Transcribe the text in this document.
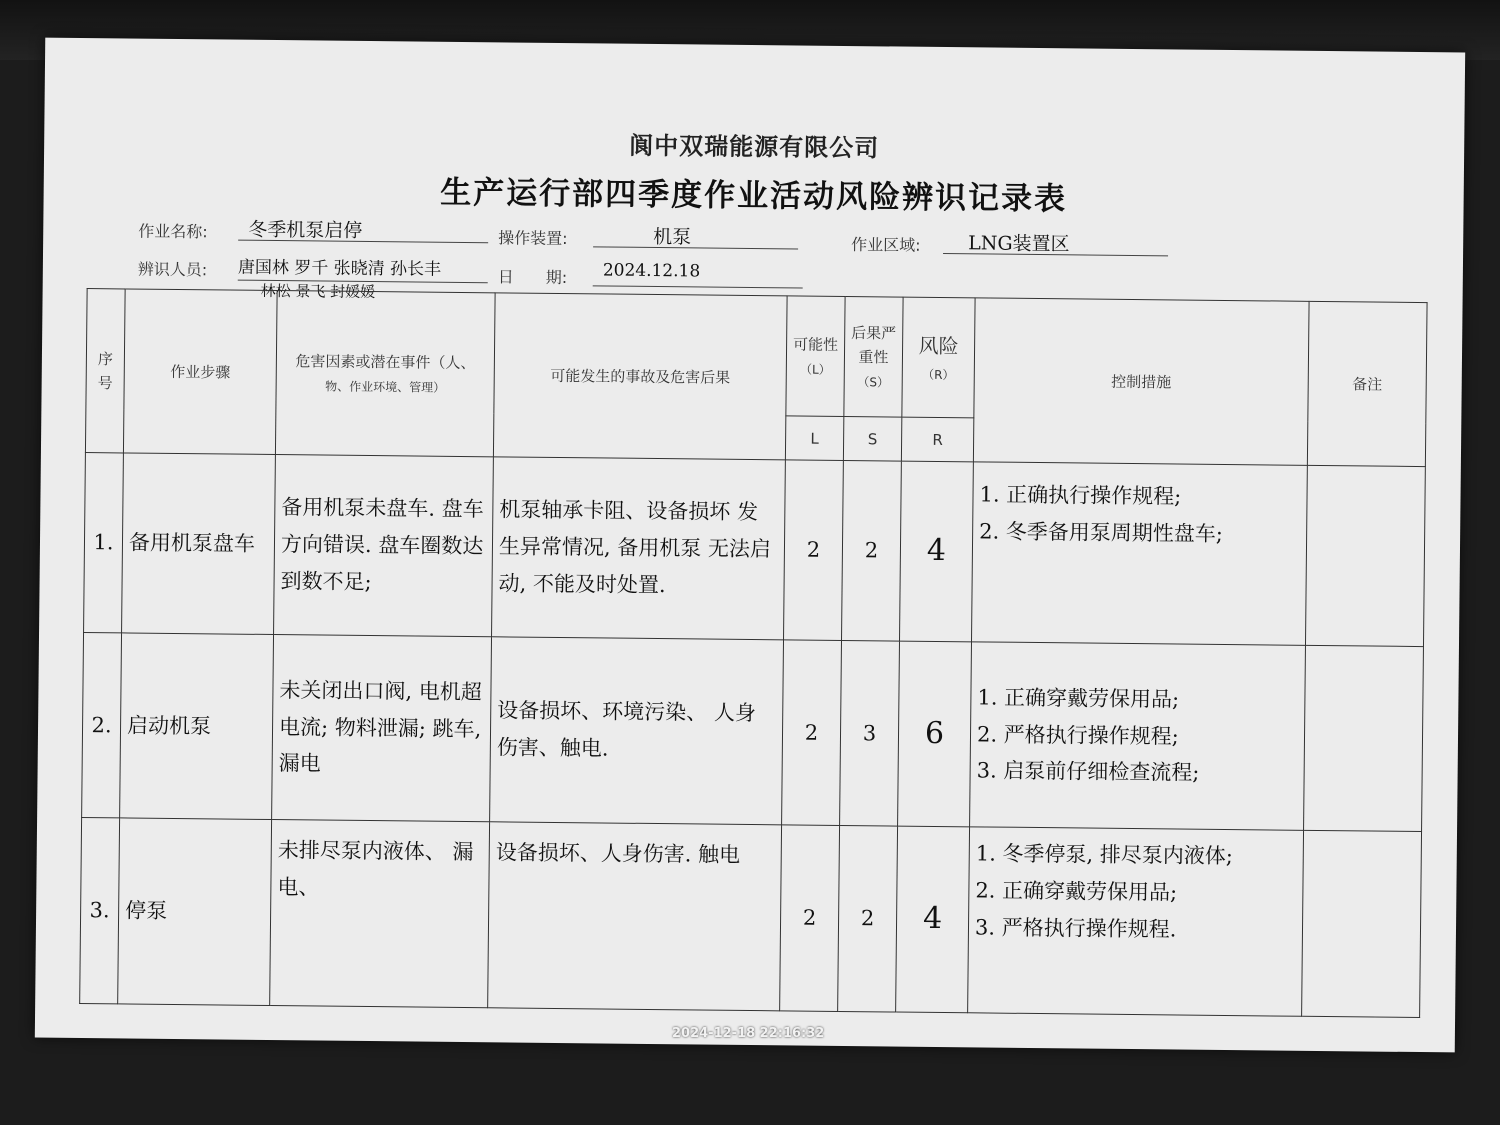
阆中双瑞能源有限公司
生产运行部四季度作业活动风险辨识记录表
作业名称: 冬季机泵启停	操作装置:	机泵	作业区域: LNG装置区
辨识人员: 唐国林 罗千 张晓清 孙长丰
林松 景飞 封媛媛
日　　期: 2024.12.18
序号	作业步骤	危害因素或潜在事件（人、
物、作业环境、管理）	可能发生的事故及危害后果	可能性
（L）	后果严重性
（S）	风险
（R）	控制措施	备注
				L	S	R		
1.	备用机泵盘车	备用机泵未盘车. 盘车方向错误. 盘车圈数达到数不足;	机泵轴承卡阻、设备损坏 发生异常情况, 备用机泵 无法启动, 不能及时处置.	2	2	4	1. 正确执行操作规程;
2. 冬季备用泵周期性盘车;	

2.	启动机泵	未关闭出口阀, 电机超电流; 物料泄漏; 跳车, 漏电	设备损坏、环境污染、 人身伤害、触电.	2	3	6	1. 正确穿戴劳保用品;
2. 严格执行操作规程;
3. 启泵前仔细检查流程;	

3.	停泵	未排尽泵内液体、 漏电、	设备损坏、人身伤害. 触电	2	2	4	1. 冬季停泵, 排尽泵内液体;
2. 正确穿戴劳保用品;
3. 严格执行操作规程.	

2024-12-18 22:16:32
